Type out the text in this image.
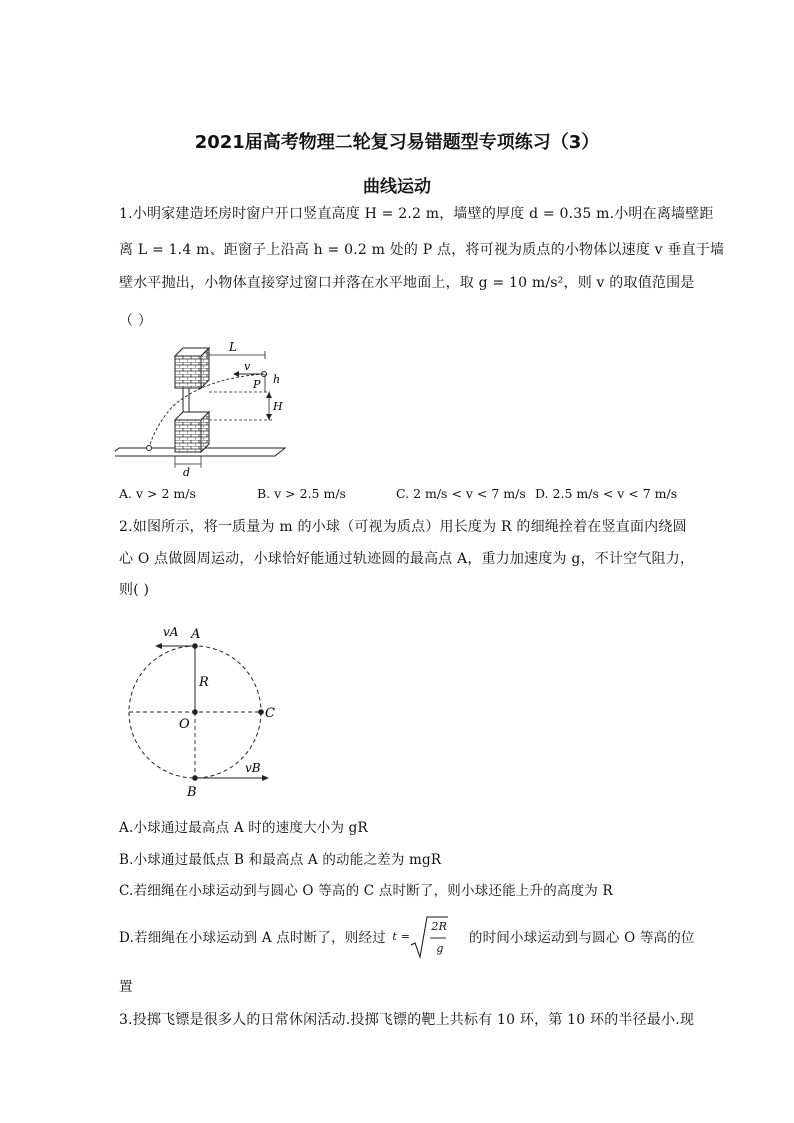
2021届高考物理二轮复习易错题型专项练习（3）
曲线运动
1.小明家建造坯房时窗户开口竖直高度 H = 2.2 m，墙壁的厚度 d = 0.35 m.小明在离墙壁距
离 L = 1.4 m、距窗子上沿高 h = 0.2 m 处的 P 点，将可视为质点的小物体以速度 v 垂直于墙
壁水平抛出，小物体直接穿过窗口并落在水平地面上，取 g = 10 m/s²，则 v 的取值范围是
（ ）
L
v
P h
H
d
A. v > 2 m/s	B. v > 2.5 m/s	C. 2 m/s < v < 7 m/s D. 2.5 m/s < v < 7 m/s
2.如图所示，将一质量为 m 的小球（可视为质点）用长度为 R 的细绳拴着在竖直面内绕圆
心 O 点做圆周运动，小球恰好能通过轨迹圆的最高点 A，重力加速度为 g，不计空气阻力，
则( )
vA A
R
O
C
vB
B
A.小球通过最高点 A 时的速度大小为 gR
B.小球通过最低点 B 和最高点 A 的动能之差为 mgR
C.若细绳在小球运动到与圆心 O 等高的 C 点时断了，则小球还能上升的高度为 R
D.若细绳在小球运动到 A 点时断了，则经过 t =
2R
g
的时间小球运动到与圆心 O 等高的位
置
3.投掷飞镖是很多人的日常休闲活动.投掷飞镖的靶上共标有 10 环，第 10 环的半径最小.现
